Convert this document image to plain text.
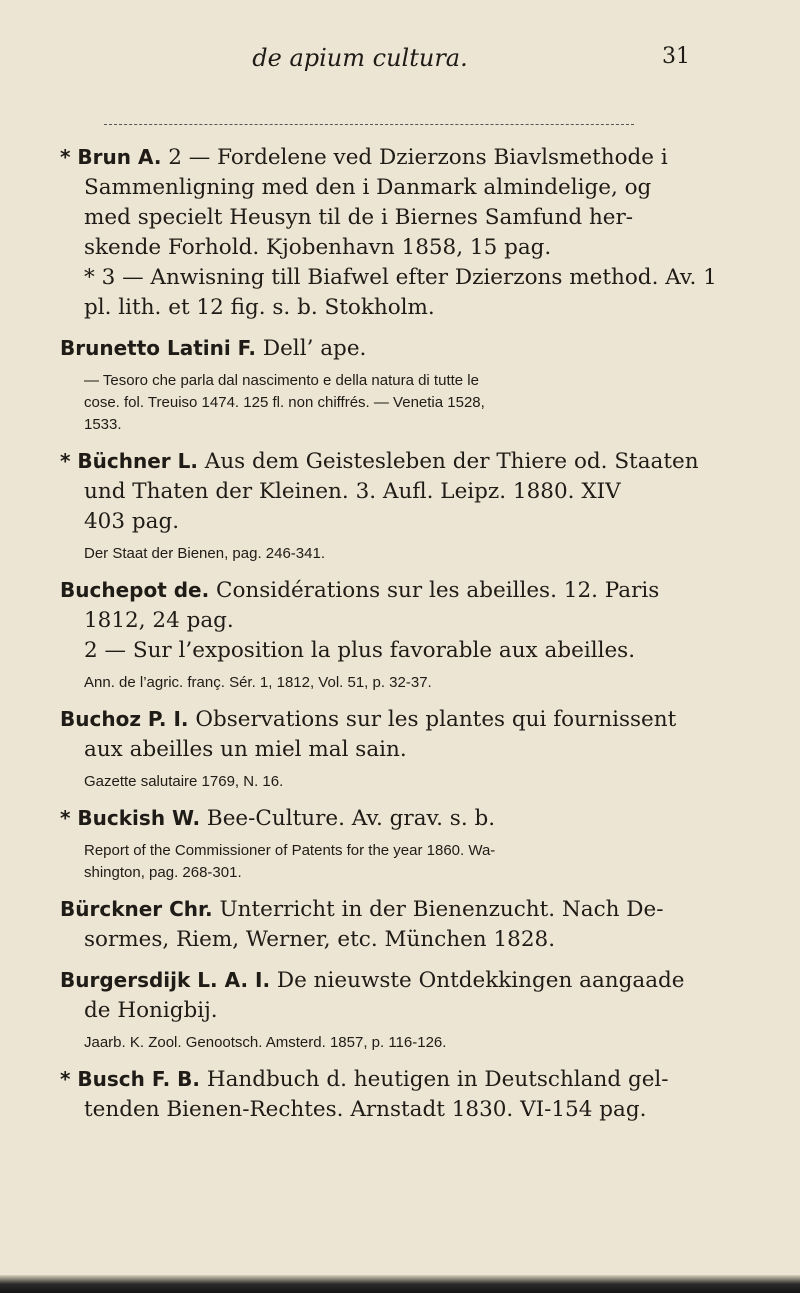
de apium cultura.	31
* Brun A. 2 — Fordelene ved Dzierzons Biavlsmethode i
Sammenligning med den i Danmark almindelige, og
med specielt Heusyn til de i Biernes Samfund her-
skende Forhold. Kjobenhavn 1858, 15 pag.
* 3 — Anwisning till Biafwel efter Dzierzons method. Av. 1
pl. lith. et 12 fig. s. b. Stokholm.
Brunetto Latini F. Dell’ ape.
— Tesoro che parla dal nascimento e della natura di tutte le
cose. fol. Treuiso 1474. 125 fl. non chiffrés. — Venetia 1528,
1533.
* Büchner L. Aus dem Geistesleben der Thiere od. Staaten
und Thaten der Kleinen. 3. Aufl. Leipz. 1880. XIV
403 pag.
Der Staat der Bienen, pag. 246-341.
Buchepot de. Considérations sur les abeilles. 12. Paris
1812, 24 pag.
2 — Sur l’exposition la plus favorable aux abeilles.
Ann. de l’agric. franç. Sér. 1, 1812, Vol. 51, p. 32-37.
Buchoz P. I. Observations sur les plantes qui fournissent
aux abeilles un miel mal sain.
Gazette salutaire 1769, N. 16.
* Buckish W. Bee-Culture. Av. grav. s. b.
Report of the Commissioner of Patents for the year 1860. Wa-
shington, pag. 268-301.
Bürckner Chr. Unterricht in der Bienenzucht. Nach De-
sormes, Riem, Werner, etc. München 1828.
Burgersdijk L. A. I. De nieuwste Ontdekkingen aangaade
de Honigbij.
Jaarb. K. Zool. Genootsch. Amsterd. 1857, p. 116-126.
* Busch F. B. Handbuch d. heutigen in Deutschland gel-
tenden Bienen-Rechtes. Arnstadt 1830. VI-154 pag.
